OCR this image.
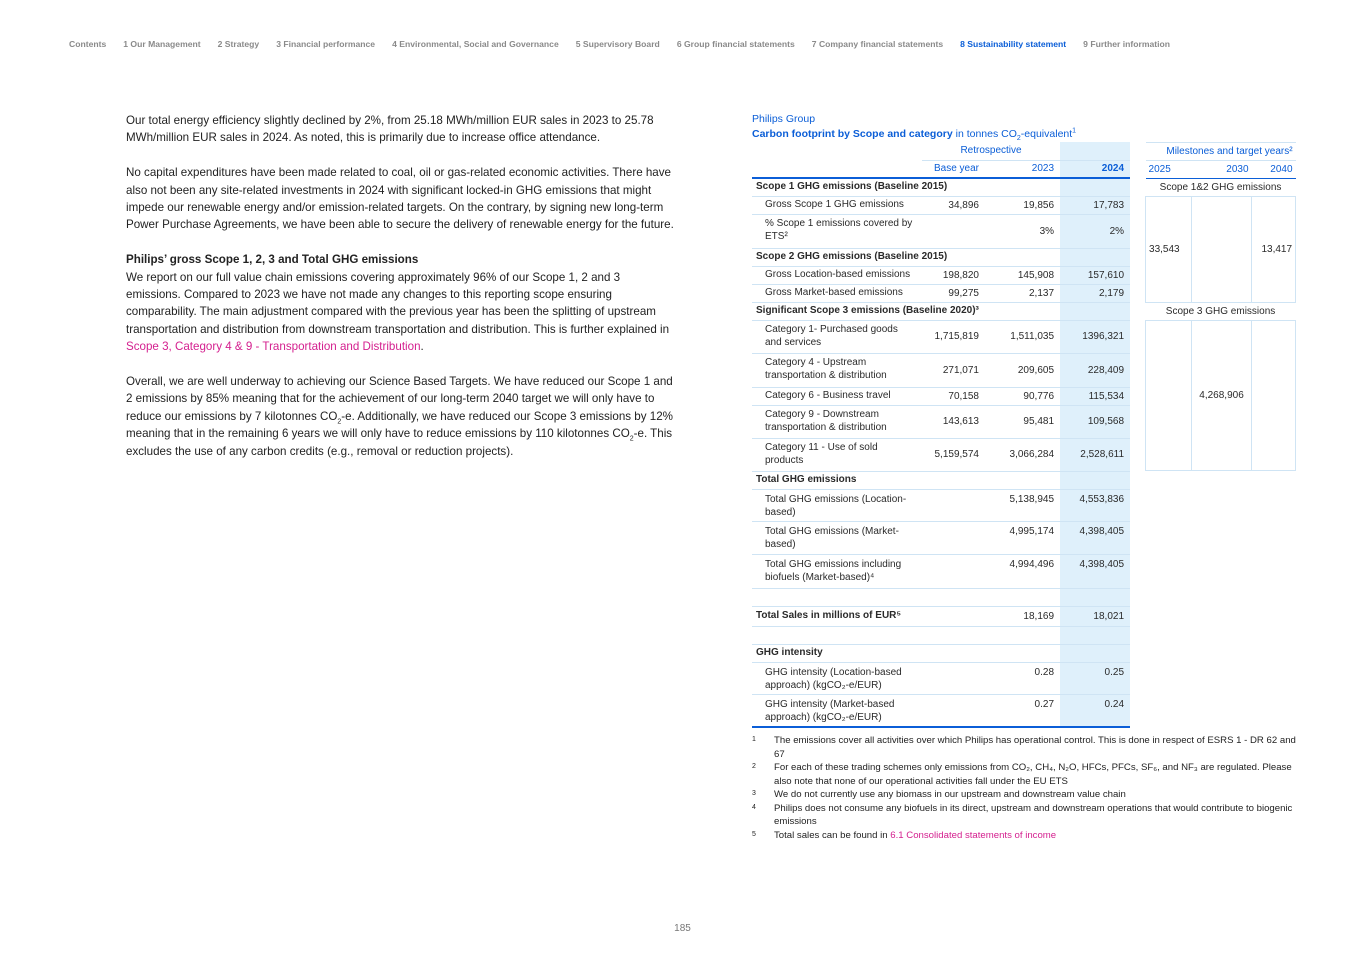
Contents 1 Our Management 2 Strategy 3 Financial performance 4 Environmental, Social and Governance 5 Supervisory Board 6 Group financial statements 7 Company financial statements 8 Sustainability statement 9 Further information

Our total energy efficiency slightly declined by 2%, from 25.18 MWh/million EUR sales in 2023 to 25.78 MWh/million EUR sales in 2024. As noted, this is primarily due to increase office attendance.

No capital expenditures have been made related to coal, oil or gas-related economic activities. There have also not been any site-related investments in 2024 with significant locked-in GHG emissions that might impede our renewable energy and/or emission-related targets. On the contrary, by signing new long-term Power Purchase Agreements, we have been able to secure the delivery of renewable energy for the future.

Philips’ gross Scope 1, 2, 3 and Total GHG emissions

We report on our full value chain emissions covering approximately 96% of our Scope 1, 2 and 3 emissions. Compared to 2023 we have not made any changes to this reporting scope ensuring comparability. The main adjustment compared with the previous year has been the splitting of upstream transportation and distribution from downstream transportation and distribution. This is further explained in Scope 3, Category 4 & 9 - Transportation and Distribution.

Overall, we are well underway to achieving our Science Based Targets. We have reduced our Scope 1 and 2 emissions by 85% meaning that for the achievement of our long-term 2040 target we will only have to reduce our emissions by 7 kilotonnes $CO_2-e$. Additionally, we have reduced our Scope 3 emissions by 12% meaning that in the remaining 6 years we will only have to reduce emissions by 110 kilotonnes $CO_2-e$. This excludes the use of any carbon credits (e.g., removal or reduction projects).

Philips Group
Carbon footprint by Scope and category in tonnes $CO_2-equivalent^1$
	Retrospective		
	Base year	2023	2024
Scope 1 GHG emissions (Baseline 2015)			
Gross Scope 1 GHG emissions	34,896	19,856	17,783
% Scope 1 emissions covered by ETS²		3%	2%
Scope 2 GHG emissions (Baseline 2015)			
Gross Location-based emissions	198,820	145,908	157,610
Gross Market-based emissions	99,275	2,137	2,179
Significant Scope 3 emissions (Baseline 2020)³			
Category 1- Purchased goods and services	1,715,819	1,511,035	1396,321
Category 4 - Upstream transportation & distribution	271,071	209,605	228,409
Category 6 - Business travel	70,158	90,776	115,534
Category 9 - Downstream transportation & distribution	143,613	95,481	109,568
Category 11 - Use of sold products	5,159,574	3,066,284	2,528,611
Total GHG emissions			
Total GHG emissions (Location-based)		5,138,945	4,553,836
Total GHG emissions (Market-based)		4,995,174	4,398,405
Total GHG emissions including biofuels (Market-based)⁴		4,994,496	4,398,405

Total Sales in millions of EUR⁵		18,169	18,021

GHG intensity			
GHG intensity (Location-based approach) (kgCO₂-e/EUR)		0.28	0.25
GHG intensity (Market-based approach) (kgCO₂-e/EUR)		0.27	0.24
Milestones and target years²		
2025	2030	2040
Scope 1&2 GHG emissions		
33,543		13,417
Scope 3 GHG emissions		
	4,268,906	
1	The emissions cover all activities over which Philips has operational control. This is done in respect of ESRS 1 - DR 62 and 67
2	For each of these trading schemes only emissions from CO₂, CH₄, N₂O, HFCs, PFCs, SF₆, and NF₃ are regulated. Please also note that none of our operational activities fall under the EU ETS
3	We do not currently use any biomass in our upstream and downstream value chain
4	Philips does not consume any biofuels in its direct, upstream and downstream operations that would contribute to biogenic emissions
5	Total sales can be found in 6.1 Consolidated statements of income
185
